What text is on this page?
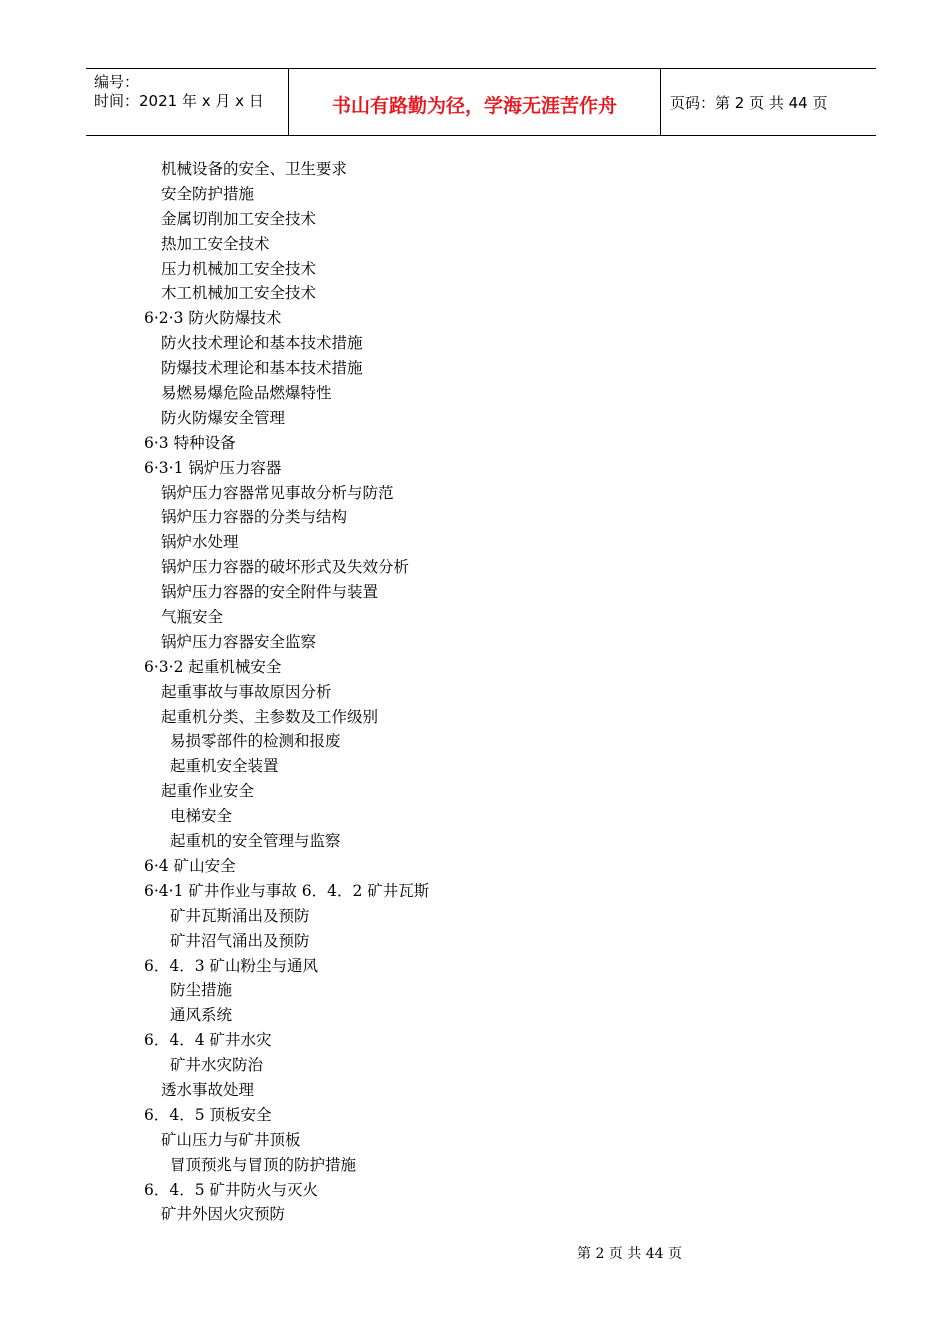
编号：
时间：2021 年 x 月 x 日	书山有路勤为径，学海无涯苦作舟	页码：第 2 页 共 44 页
机械设备的安全、卫生要求
安全防护措施
金属切削加工安全技术
热加工安全技术
压力机械加工安全技术
木工机械加工安全技术
6·2·3 防火防爆技术
防火技术理论和基本技术措施
防爆技术理论和基本技术措施
易燃易爆危险品燃爆特性
防火防爆安全管理
6·3 特种设备
6·3·1 锅炉压力容器
锅炉压力容器常见事故分析与防范
锅炉压力容器的分类与结构
锅炉水处理
锅炉压力容器的破坏形式及失效分析
锅炉压力容器的安全附件与装置
气瓶安全
锅炉压力容器安全监察
6·3·2 起重机械安全
起重事故与事故原因分析
起重机分类、主参数及工作级别
易损零部件的检测和报废
起重机安全装置
起重作业安全
电梯安全
起重机的安全管理与监察
6·4 矿山安全
6·4·1 矿井作业与事故 6．4．2 矿井瓦斯
矿井瓦斯涌出及预防
矿井沼气涌出及预防
6．4．3 矿山粉尘与通风
防尘措施
通风系统
6．4．4 矿井水灾
矿井水灾防治
透水事故处理
6．4．5 顶板安全
矿山压力与矿井顶板
冒顶预兆与冒顶的防护措施
6．4．5 矿井防火与灭火
矿井外因火灾预防
第 2 页 共 44 页
